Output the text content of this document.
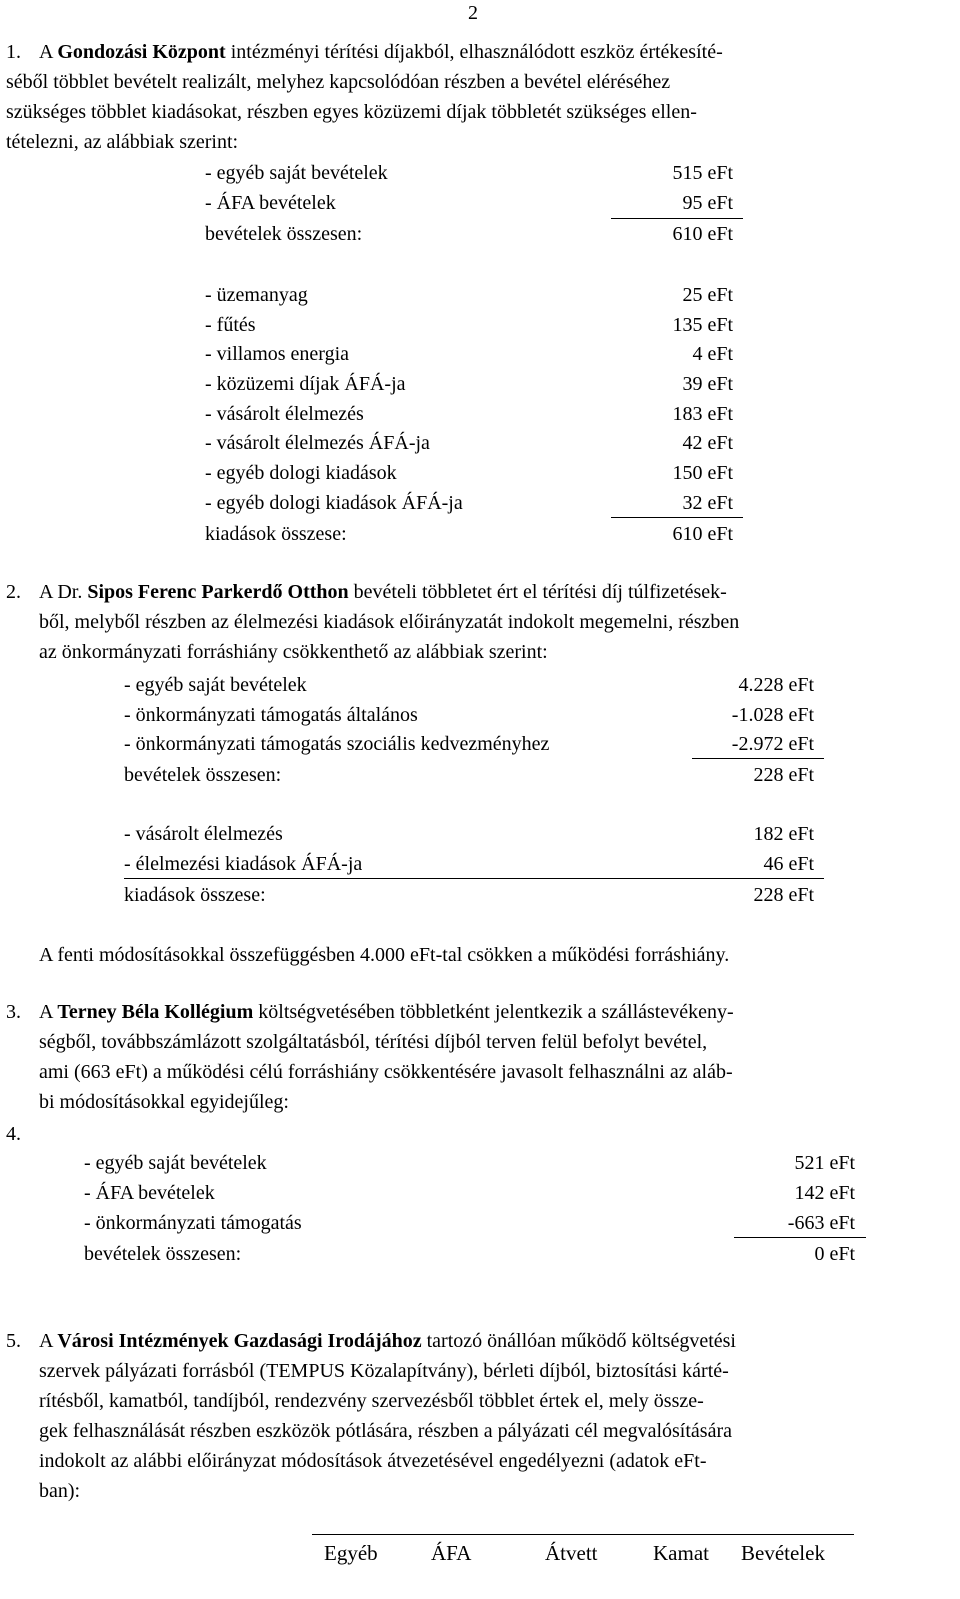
2
1. A Gondozási Központ intézményi térítési díjakból, elhasználódott eszköz értékesíté-
séből többlet bevételt realizált, melyhez kapcsolódóan részben a bevétel eléréséhez
szükséges többlet kiadásokat, részben egyes közüzemi díjak többletét szükséges ellen-
tételezni, az alábbiak szerint:
- egyéb saját bevételek	515 eFt
- ÁFA bevételek	95 eFt
bevételek összesen:	610 eFt
- üzemanyag	25 eFt
- fűtés	135 eFt
- villamos energia	4 eFt
- közüzemi díjak ÁFÁ-ja	39 eFt
- vásárolt élelmezés	183 eFt
- vásárolt élelmezés ÁFÁ-ja	42 eFt
- egyéb dologi kiadások	150 eFt
- egyéb dologi kiadások ÁFÁ-ja	32 eFt
kiadások összese:	610 eFt
2. A Dr. Sipos Ferenc Parkerdő Otthon bevételi többletet ért el térítési díj túlfizetések-
ből, melyből részben az élelmezési kiadások előirányzatát indokolt megemelni, részben
az önkormányzati forráshiány csökkenthető az alábbiak szerint:
- egyéb saját bevételek	4.228 eFt
- önkormányzati támogatás általános	-1.028 eFt
- önkormányzati támogatás szociális kedvezményhez	-2.972 eFt
bevételek összesen:	228 eFt
- vásárolt élelmezés	182 eFt
- élelmezési kiadások ÁFÁ-ja	46 eFt
kiadások összese:	228 eFt
A fenti módosításokkal összefüggésben 4.000 eFt-tal csökken a működési forráshiány.
3. A Terney Béla Kollégium költségvetésében többletként jelentkezik a szállástevékeny-
ségből, továbbszámlázott szolgáltatásból, térítési díjból terven felül befolyt bevétel,
ami (663 eFt) a működési célú forráshiány csökkentésére javasolt felhasználni az aláb-
bi módosításokkal egyidejűleg:
4.
- egyéb saját bevételek	521 eFt
- ÁFA bevételek	142 eFt
- önkormányzati támogatás	-663 eFt
bevételek összesen:	0 eFt
5. A Városi Intézmények Gazdasági Irodájához tartozó önállóan működő költségvetési
szervek pályázati forrásból (TEMPUS Közalapítvány), bérleti díjból, biztosítási kárté-
rítésből, kamatból, tandíjból, rendezvény szervezésből többlet értek el, mely össze-
gek felhasználását részben eszközök pótlására, részben a pályázati cél megvalósítására
indokolt az alábbi előirányzat módosítások átvezetésével engedélyezni (adatok eFt-
ban):
Egyéb	ÁFA	Átvett	Kamat Bevételek
